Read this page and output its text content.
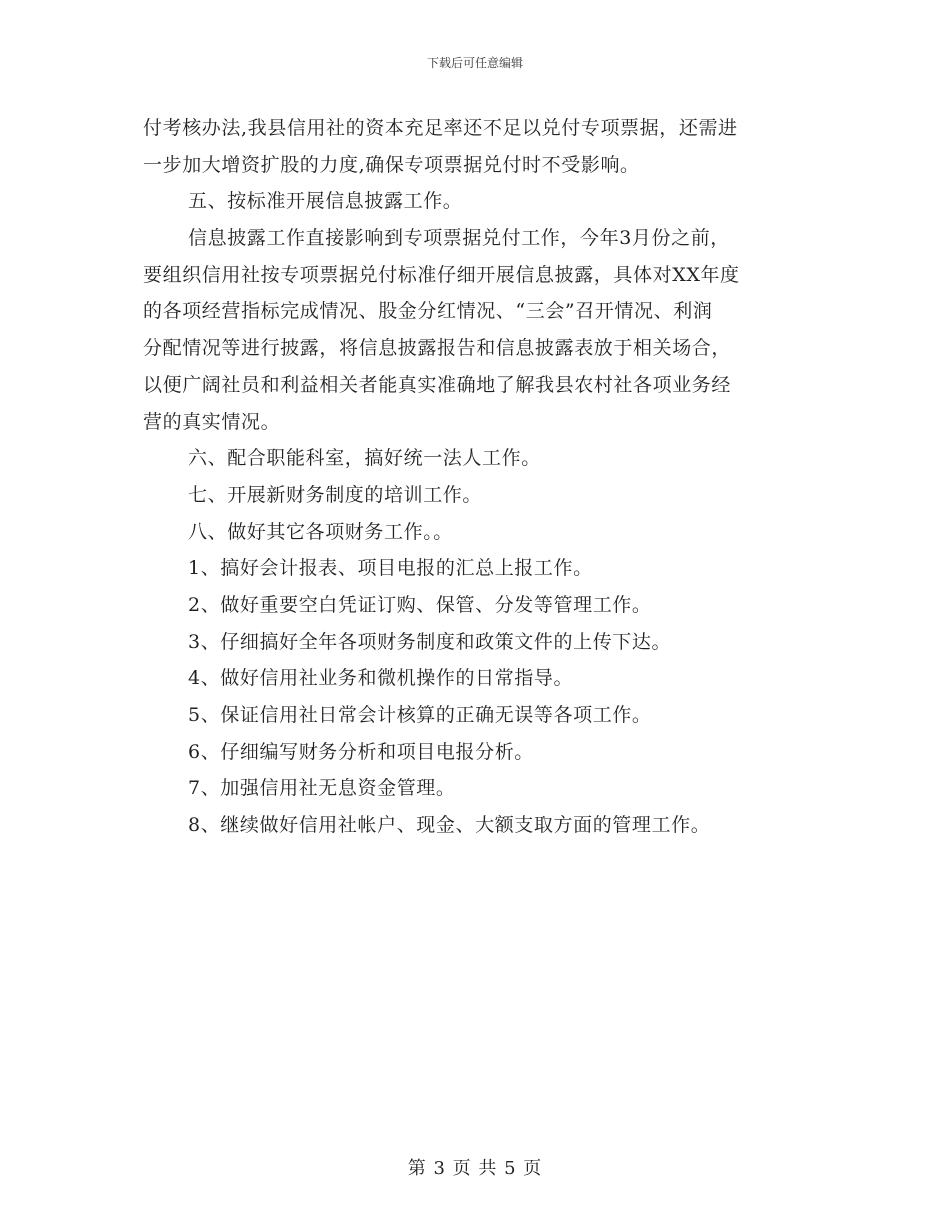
下载后可任意编辑
付考核办法,我县信用社的资本充足率还不足以兑付专项票据，还需进
一步加大增资扩股的力度,确保专项票据兑付时不受影响。
五、按标准开展信息披露工作。
信息披露工作直接影响到专项票据兑付工作，今年3月份之前，
要组织信用社按专项票据兑付标准仔细开展信息披露，具体对XX年度
的各项经营指标完成情况、股金分红情况、“三会”召开情况、利润
分配情况等进行披露，将信息披露报告和信息披露表放于相关场合，
以便广阔社员和利益相关者能真实准确地了解我县农村社各项业务经
营的真实情况。
六、配合职能科室，搞好统一法人工作。
七、开展新财务制度的培训工作。
八、做好其它各项财务工作。。
1、搞好会计报表、项目电报的汇总上报工作。
2、做好重要空白凭证订购、保管、分发等管理工作。
3、仔细搞好全年各项财务制度和政策文件的上传下达。
4、做好信用社业务和微机操作的日常指导。
5、保证信用社日常会计核算的正确无误等各项工作。
6、仔细编写财务分析和项目电报分析。
7、加强信用社无息资金管理。
8、继续做好信用社帐户、现金、大额支取方面的管理工作。
第 3 页 共 5 页
